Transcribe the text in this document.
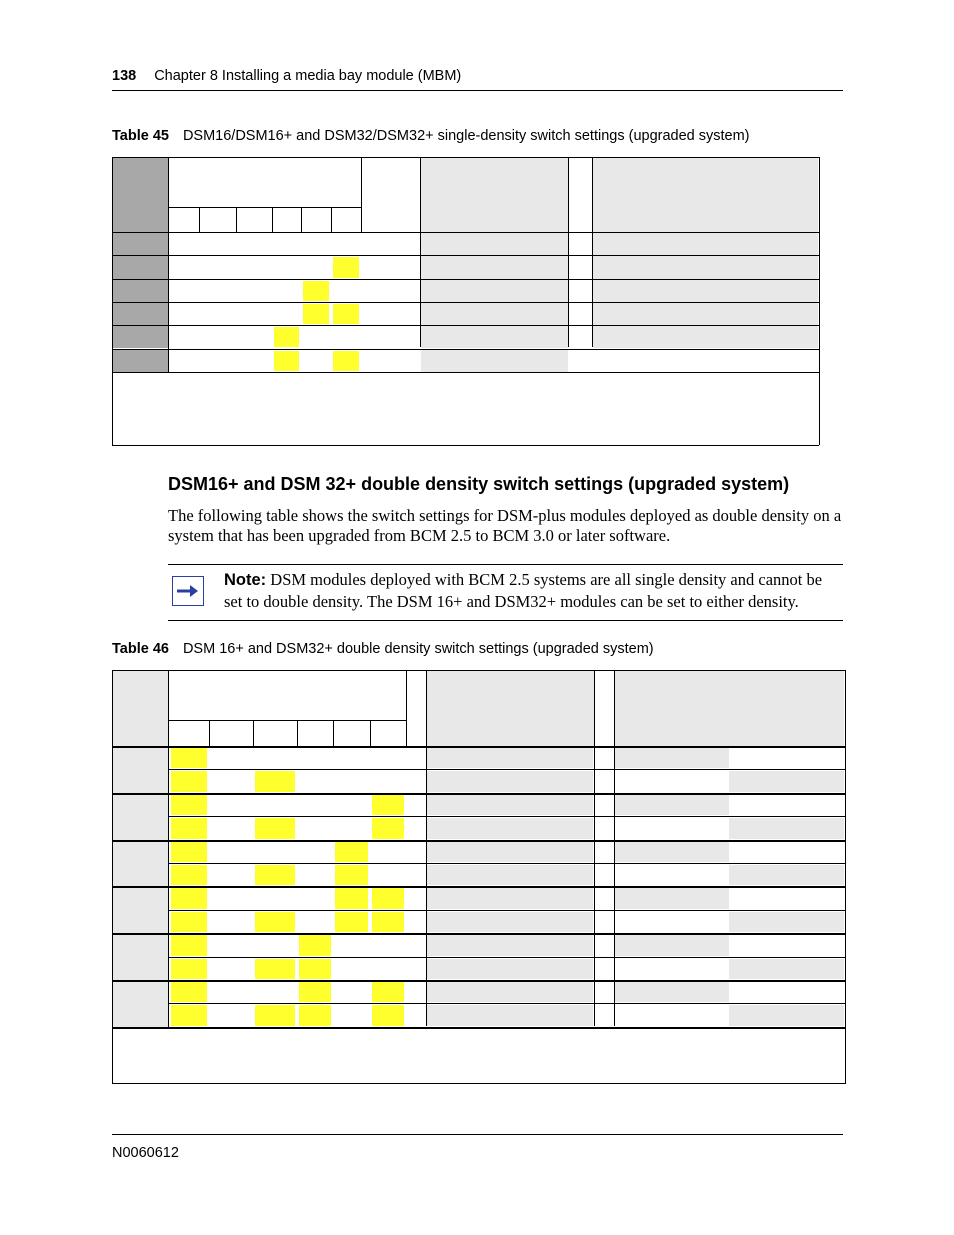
138 Chapter 8 Installing a media bay module (MBM)
Table 45 DSM16/DSM16+ and DSM32/DSM32+ single-density switch settings (upgraded system)
DSM16+ and DSM 32+ double density switch settings (upgraded system)
The following table shows the switch settings for DSM-plus modules deployed as double density on a system that has been upgraded from BCM 2.5 to BCM 3.0 or later software.
Note: DSM modules deployed with BCM 2.5 systems are all single density and cannot be set to double density. The DSM 16+ and DSM32+ modules can be set to either density.
Table 46 DSM 16+ and DSM32+ double density switch settings (upgraded system)
N0060612
